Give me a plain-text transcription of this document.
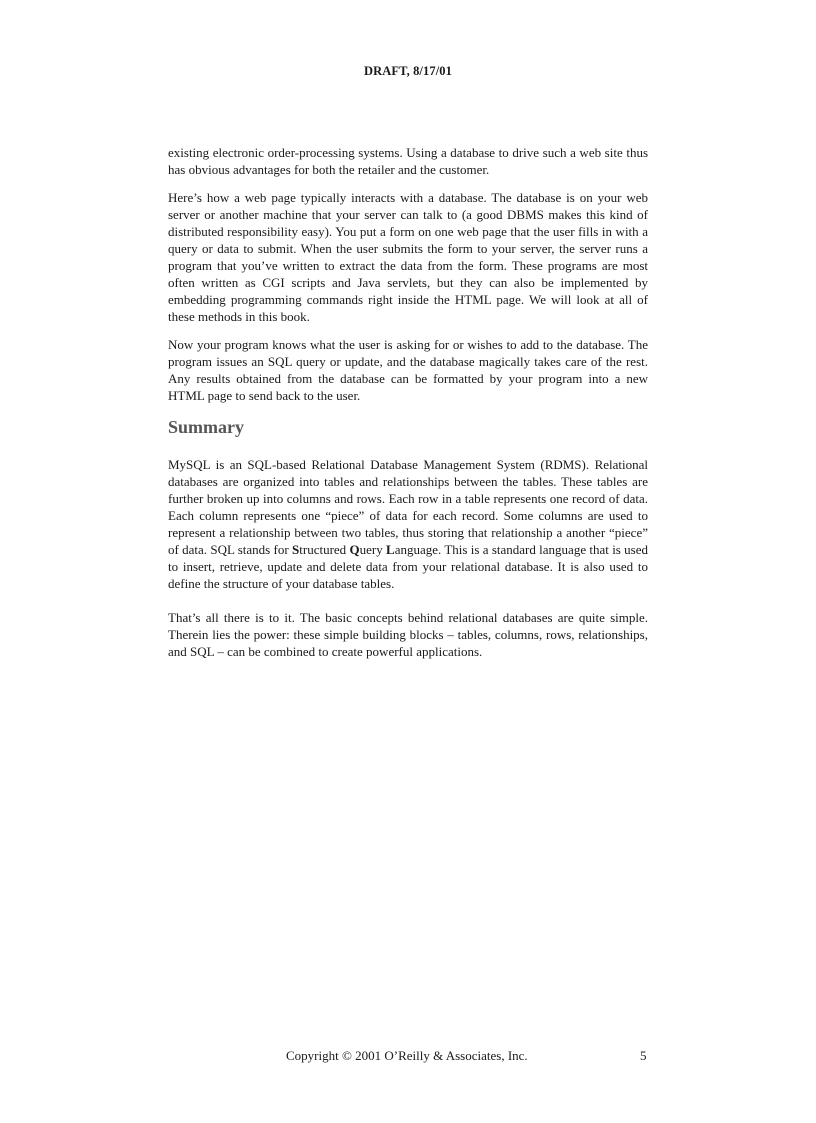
DRAFT, 8/17/01

existing electronic order-processing systems. Using a database to drive such a web site thus has obvious advantages for both the retailer and the customer.

Here’s how a web page typically interacts with a database. The database is on your web server or another machine that your server can talk to (a good DBMS makes this kind of distributed responsibility easy). You put a form on one web page that the user fills in with a query or data to submit. When the user submits the form to your server, the server runs a program that you’ve written to extract the data from the form. These programs are most often written as CGI scripts and Java servlets, but they can also be implemented by embedding programming commands right inside the HTML page. We will look at all of these methods in this book.

Now your program knows what the user is asking for or wishes to add to the database. The program issues an SQL query or update, and the database magically takes care of the rest. Any results obtained from the database can be formatted by your program into a new HTML page to send back to the user.

Summary

MySQL is an SQL-based Relational Database Management System (RDMS). Relational databases are organized into tables and relationships between the tables. These tables are further broken up into columns and rows. Each row in a table represents one record of data. Each column represents one “piece” of data for each record. Some columns are used to represent a relationship between two tables, thus storing that relationship a another “piece” of data. SQL stands for Structured Query Language. This is a standard language that is used to insert, retrieve, update and delete data from your relational database. It is also used to define the structure of your database tables.

That’s all there is to it. The basic concepts behind relational databases are quite simple. Therein lies the power: these simple building blocks – tables, columns, rows, relationships, and SQL – can be combined to create powerful applications.

Copyright © 2001 O’Reilly & Associates, Inc.	5
